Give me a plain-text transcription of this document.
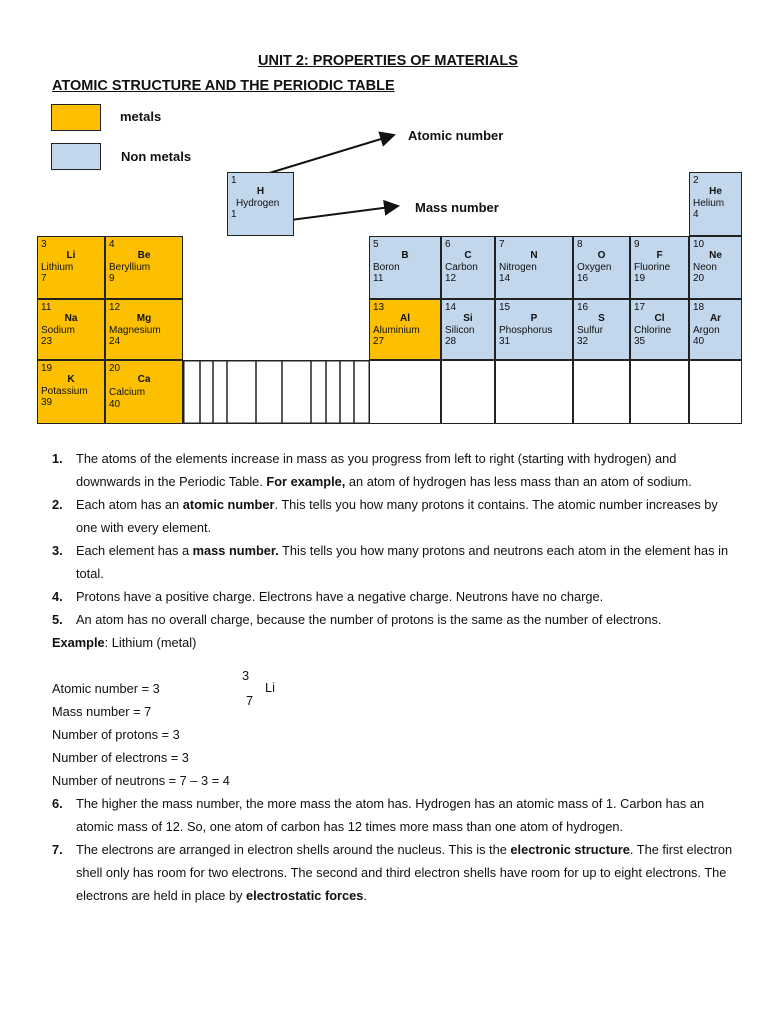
UNIT 2: PROPERTIES OF MATERIALS
ATOMIC STRUCTURE AND THE PERIODIC TABLE
metals
Non metals
Atomic number
Mass number
1
H
Hydrogen
1
2
He
Helium
4
3
Li
Lithium
7
4
Be
Beryllium
9
5
B
Boron
11
6
C
Carbon
12
7
N
Nitrogen
14
8
O
Oxygen
16
9
F
Fluorine
19
10
Ne
Neon
20
11
Na
Sodium
23
12
Mg
Magnesium
24
13
Al
Aluminium
27
14
Si
Silicon
28
15
P
Phosphorus
31
16
S
Sulfur
32
17
Cl
Chlorine
35
18
Ar
Argon
40
19
K
Potassium
39
20
Ca
Calcium
40
1. The atoms of the elements increase in mass as you progress from left to right (starting with hydrogen) and downwards in the Periodic Table. For example, an atom of hydrogen has less mass than an atom of sodium.
2. Each atom has an atomic number. This tells you how many protons it contains. The atomic number increases by one with every element.
3. Each element has a mass number. This tells you how many protons and neutrons each atom in the element has in total.
4. Protons have a positive charge. Electrons have a negative charge. Neutrons have no charge.
5. An atom has no overall charge, because the number of protons is the same as the number of electrons.
Example: Lithium (metal)
Atomic number = 3
Mass number = 7
Number of protons = 3
Number of electrons = 3
Number of neutrons = 7 – 3 = 4
6. The higher the mass number, the more mass the atom has. Hydrogen has an atomic mass of 1. Carbon has an atomic mass of 12. So, one atom of carbon has 12 times more mass than one atom of hydrogen.
7. The electrons are arranged in electron shells around the nucleus. This is the electronic structure. The first electron shell only has room for two electrons. The second and third electron shells have room for up to eight electrons. The electrons are held in place by electrostatic forces.
3
Li
7
